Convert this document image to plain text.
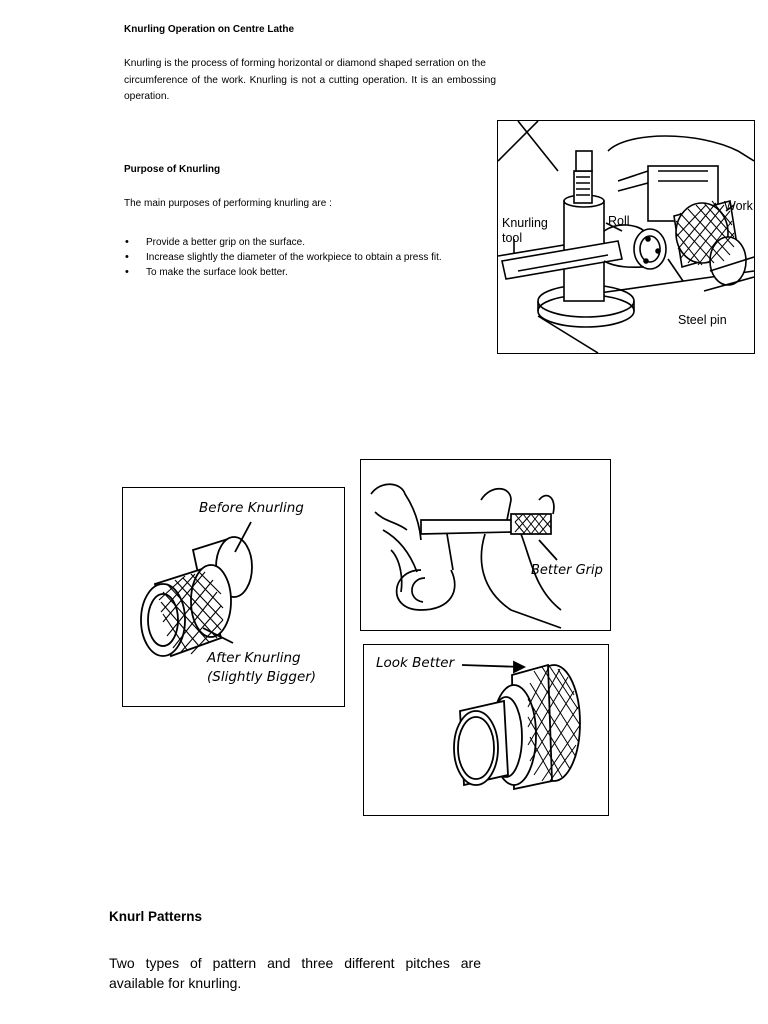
Knurling Operation on Centre Lathe
Knurling is the process of forming horizontal or diamond shaped serration on the
circumference of the work. Knurling is not a cutting operation. It is an embossing operation.
Purpose of Knurling
The main purposes of performing knurling are :
• Provide a better grip on the surface.
• Increase slightly the diameter of the workpiece to obtain a press fit.
• To make the surface look better.
Knurling
tool
Roll
Work
Steel pin
Before Knurling
After Knurling
(Slightly Bigger)
Better Grip
Look Better
Knurl Patterns
Two types of pattern and three different pitches are available for knurling.
